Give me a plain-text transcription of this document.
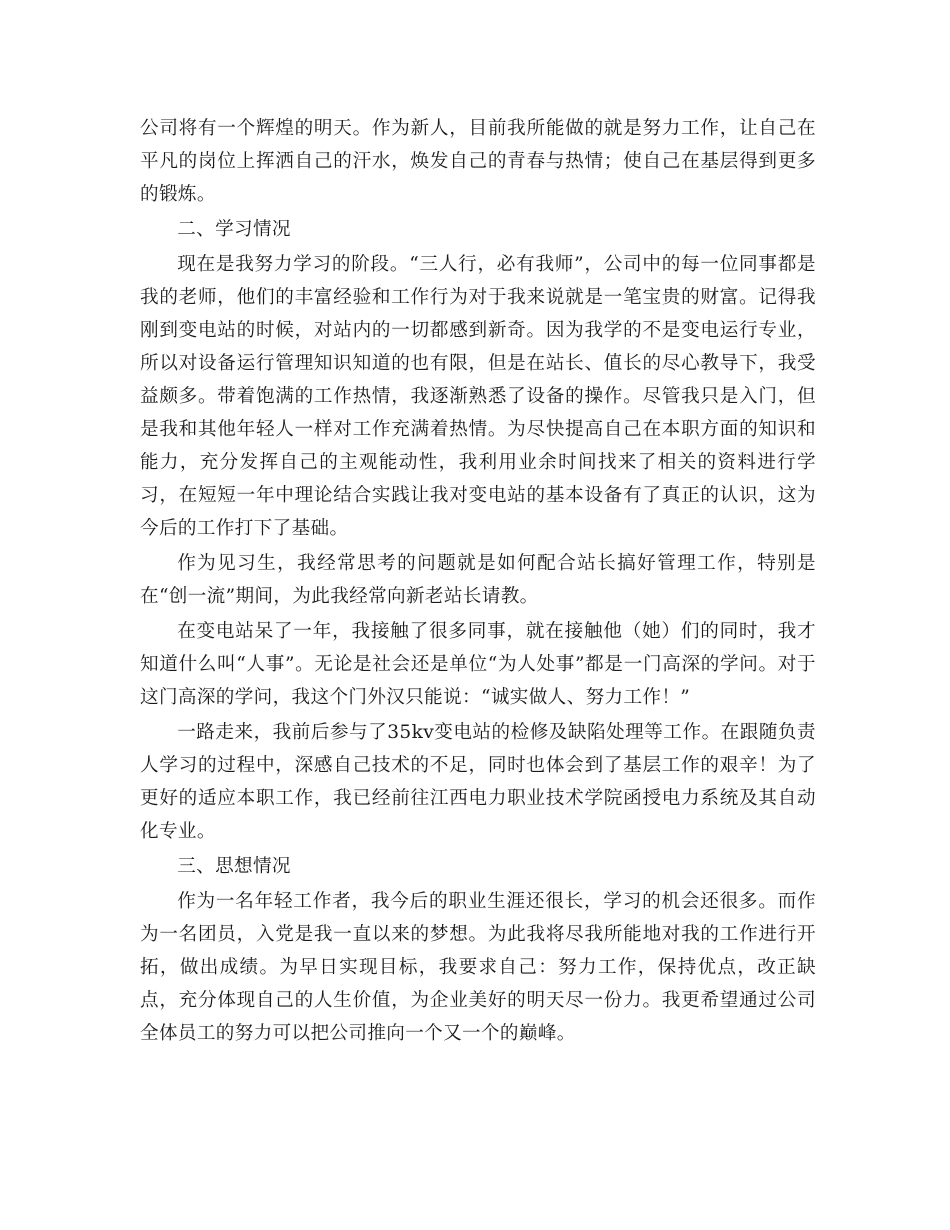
公司将有一个辉煌的明天。作为新人，目前我所能做的就是努力工作，让自己在平凡的岗位上挥洒自己的汗水，焕发自己的青春与热情；使自己在基层得到更多的锻炼。

二、学习情况

现在是我努力学习的阶段。“三人行，必有我师”，公司中的每一位同事都是我的老师，他们的丰富经验和工作行为对于我来说就是一笔宝贵的财富。记得我刚到变电站的时候，对站内的一切都感到新奇。因为我学的不是变电运行专业，所以对设备运行管理知识知道的也有限，但是在站长、值长的尽心教导下，我受益颇多。带着饱满的工作热情，我逐渐熟悉了设备的操作。尽管我只是入门，但是我和其他年轻人一样对工作充满着热情。为尽快提高自己在本职方面的知识和能力，充分发挥自己的主观能动性，我利用业余时间找来了相关的资料进行学习，在短短一年中理论结合实践让我对变电站的基本设备有了真正的认识，这为今后的工作打下了基础。

作为见习生，我经常思考的问题就是如何配合站长搞好管理工作，特别是在“创一流”期间，为此我经常向新老站长请教。

在变电站呆了一年，我接触了很多同事，就在接触他（她）们的同时，我才知道什么叫“人事”。无论是社会还是单位“为人处事”都是一门高深的学问。对于这门高深的学问，我这个门外汉只能说：“诚实做人、努力工作！”

一路走来，我前后参与了35kv变电站的检修及缺陷处理等工作。在跟随负责人学习的过程中，深感自己技术的不足，同时也体会到了基层工作的艰辛！为了更好的适应本职工作，我已经前往江西电力职业技术学院函授电力系统及其自动化专业。

三、思想情况

作为一名年轻工作者，我今后的职业生涯还很长，学习的机会还很多。而作为一名团员，入党是我一直以来的梦想。为此我将尽我所能地对我的工作进行开拓，做出成绩。为早日实现目标，我要求自己：努力工作，保持优点，改正缺点，充分体现自己的人生价值，为企业美好的明天尽一份力。我更希望通过公司全体员工的努力可以把公司推向一个又一个的巅峰。
